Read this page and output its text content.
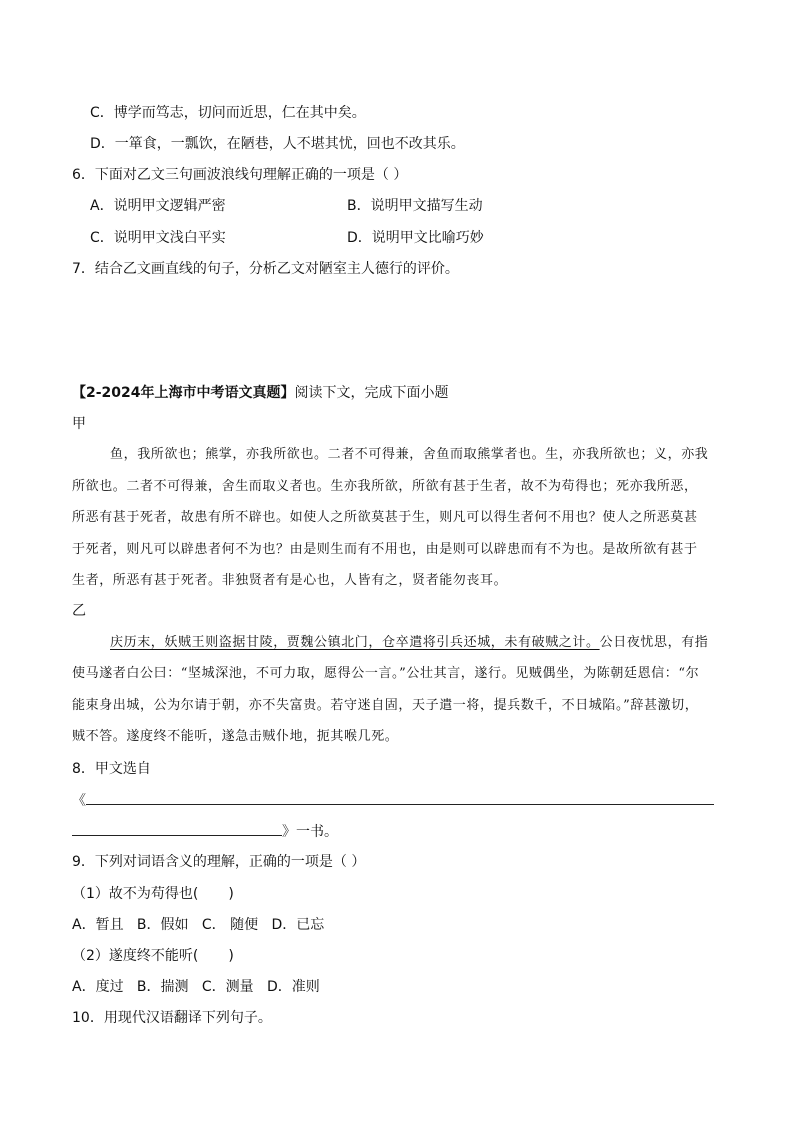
C．博学而笃志，切问而近思，仁在其中矣。
D．一箪食，一瓢饮，在陋巷，人不堪其忧，回也不改其乐。
6．下面对乙文三句画波浪线句理解正确的一项是（ ）
A．说明甲文逻辑严密	B．说明甲文描写生动
C．说明甲文浅白平实	D．说明甲文比喻巧妙
7．结合乙文画直线的句子，分析乙文对陋室主人德行的评价。
【2-2024年上海市中考语文真题】阅读下文，完成下面小题
甲
鱼，我所欲也；熊掌，亦我所欲也。二者不可得兼，舍鱼而取熊掌者也。生，亦我所欲也；义，亦我
所欲也。二者不可得兼，舍生而取义者也。生亦我所欲，所欲有甚于生者，故不为苟得也；死亦我所恶，
所恶有甚于死者，故患有所不辟也。如使人之所欲莫甚于生，则凡可以得生者何不用也？使人之所恶莫甚
于死者，则凡可以辟患者何不为也？由是则生而有不用也，由是则可以辟患而有不为也。是故所欲有甚于
生者，所恶有甚于死者。非独贤者有是心也，人皆有之，贤者能勿丧耳。
乙
庆历末，妖贼王则盗据甘陵，贾魏公镇北门，仓卒遣将引兵还城，未有破贼之计。公日夜忧思，有指
使马遂者白公曰：“坚城深池，不可力取，愿得公一言。”公壮其言，遂行。见贼偶坐，为陈朝廷恩信：“尔
能束身出城，公为尔请于朝，亦不失富贵。若守迷自固，天子遣一将，提兵数千，不日城陷。”辞甚激切，
贼不答。遂度终不能听，遂急击贼仆地，扼其喉几死。
8．甲文选自
《
》一书。
9．下列对词语含义的理解，正确的一项是（ ）
（1）故不为苟得也( )
A．暂且   B．假如   C． 随便   D．已忘
（2）遂度终不能听( )
A．度过   B．揣测   C．测量   D．准则
10．用现代汉语翻译下列句子。
